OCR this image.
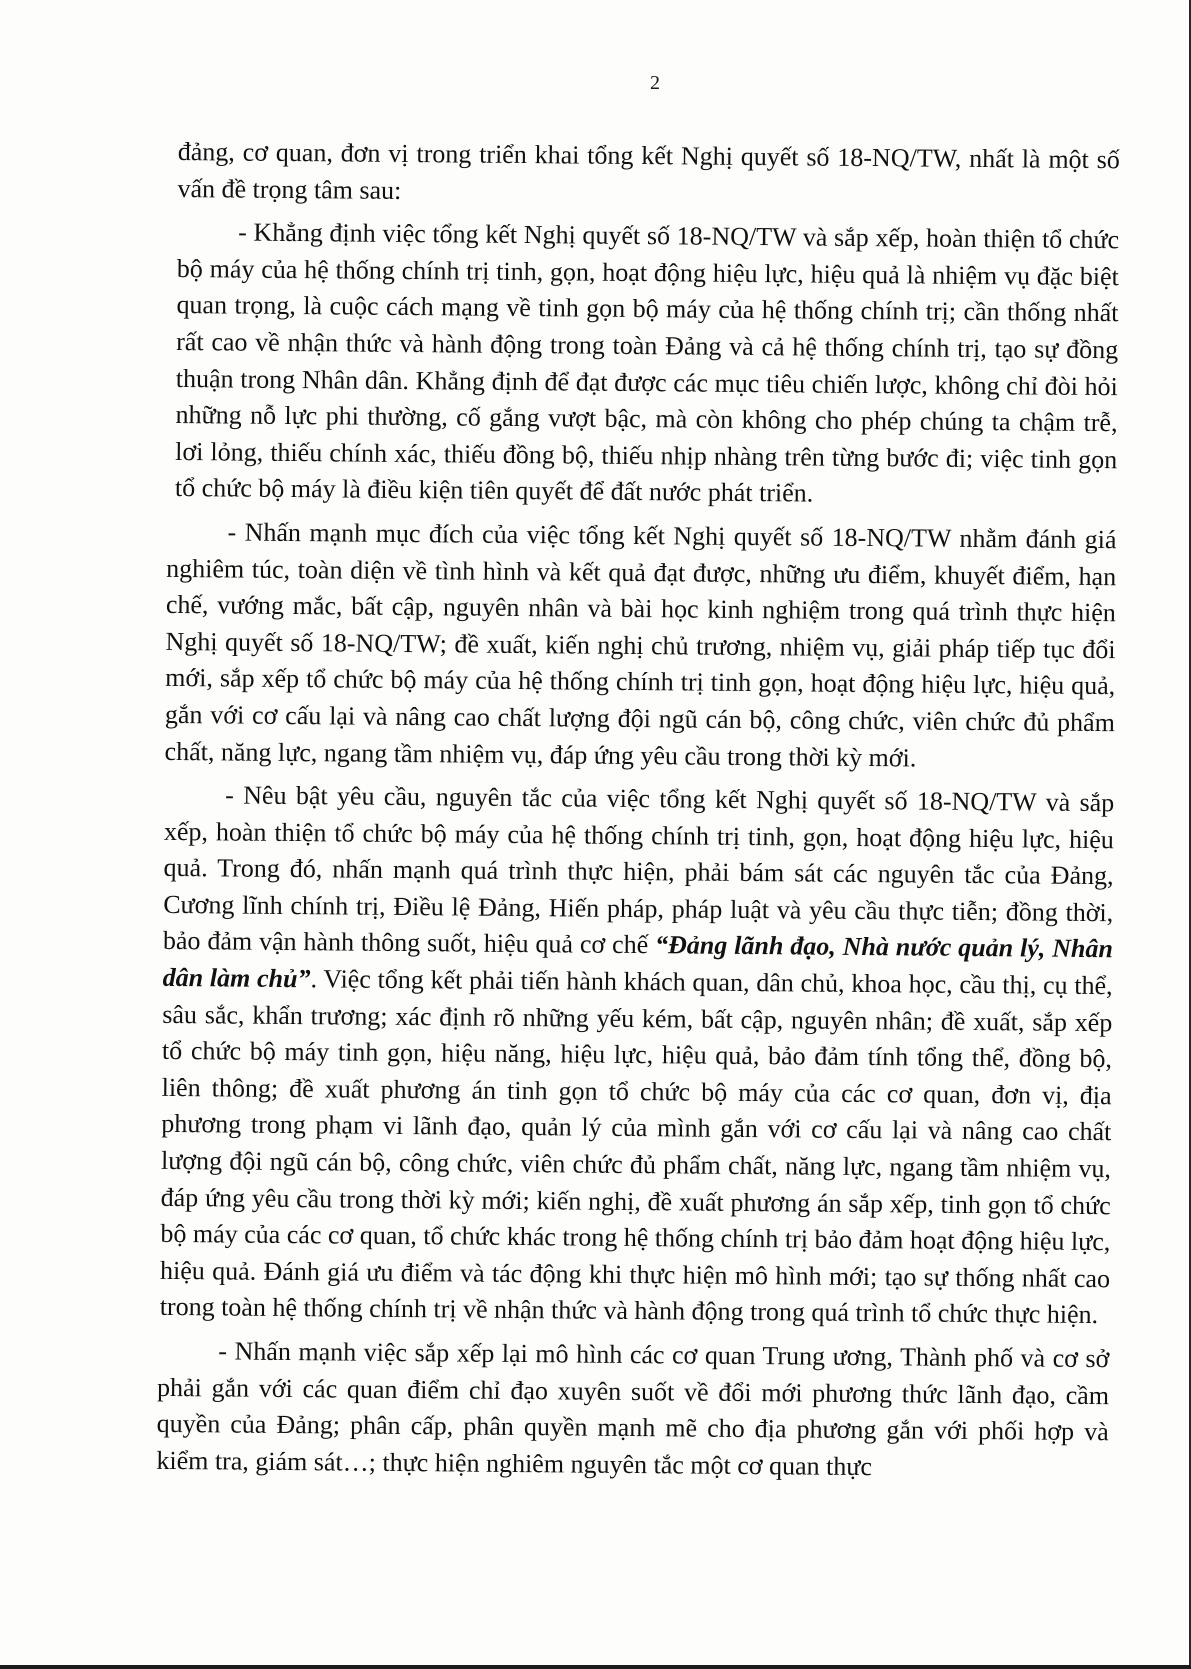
2

đảng, cơ quan, đơn vị trong triển khai tổng kết Nghị quyết số 18-NQ/TW, nhất là một số vấn đề trọng tâm sau:

- Khẳng định việc tổng kết Nghị quyết số 18-NQ/TW và sắp xếp, hoàn thiện tổ chức bộ máy của hệ thống chính trị tinh, gọn, hoạt động hiệu lực, hiệu quả là nhiệm vụ đặc biệt quan trọng, là cuộc cách mạng về tinh gọn bộ máy của hệ thống chính trị; cần thống nhất rất cao về nhận thức và hành động trong toàn Đảng và cả hệ thống chính trị, tạo sự đồng thuận trong Nhân dân. Khẳng định để đạt được các mục tiêu chiến lược, không chỉ đòi hỏi những nỗ lực phi thường, cố gắng vượt bậc, mà còn không cho phép chúng ta chậm trễ, lơi lỏng, thiếu chính xác, thiếu đồng bộ, thiếu nhịp nhàng trên từng bước đi; việc tinh gọn tổ chức bộ máy là điều kiện tiên quyết để đất nước phát triển.

- Nhấn mạnh mục đích của việc tổng kết Nghị quyết số 18-NQ/TW nhằm đánh giá nghiêm túc, toàn diện về tình hình và kết quả đạt được, những ưu điểm, khuyết điểm, hạn chế, vướng mắc, bất cập, nguyên nhân và bài học kinh nghiệm trong quá trình thực hiện Nghị quyết số 18-NQ/TW; đề xuất, kiến nghị chủ trương, nhiệm vụ, giải pháp tiếp tục đổi mới, sắp xếp tổ chức bộ máy của hệ thống chính trị tinh gọn, hoạt động hiệu lực, hiệu quả, gắn với cơ cấu lại và nâng cao chất lượng đội ngũ cán bộ, công chức, viên chức đủ phẩm chất, năng lực, ngang tầm nhiệm vụ, đáp ứng yêu cầu trong thời kỳ mới.

- Nêu bật yêu cầu, nguyên tắc của việc tổng kết Nghị quyết số 18-NQ/TW và sắp xếp, hoàn thiện tổ chức bộ máy của hệ thống chính trị tinh, gọn, hoạt động hiệu lực, hiệu quả. Trong đó, nhấn mạnh quá trình thực hiện, phải bám sát các nguyên tắc của Đảng, Cương lĩnh chính trị, Điều lệ Đảng, Hiến pháp, pháp luật và yêu cầu thực tiễn; đồng thời, bảo đảm vận hành thông suốt, hiệu quả cơ chế “Đảng lãnh đạo, Nhà nước quản lý, Nhân dân làm chủ”. Việc tổng kết phải tiến hành khách quan, dân chủ, khoa học, cầu thị, cụ thể, sâu sắc, khẩn trương; xác định rõ những yếu kém, bất cập, nguyên nhân; đề xuất, sắp xếp tổ chức bộ máy tinh gọn, hiệu năng, hiệu lực, hiệu quả, bảo đảm tính tổng thể, đồng bộ, liên thông; đề xuất phương án tinh gọn tổ chức bộ máy của các cơ quan, đơn vị, địa phương trong phạm vi lãnh đạo, quản lý của mình gắn với cơ cấu lại và nâng cao chất lượng đội ngũ cán bộ, công chức, viên chức đủ phẩm chất, năng lực, ngang tầm nhiệm vụ, đáp ứng yêu cầu trong thời kỳ mới; kiến nghị, đề xuất phương án sắp xếp, tinh gọn tổ chức bộ máy của các cơ quan, tổ chức khác trong hệ thống chính trị bảo đảm hoạt động hiệu lực, hiệu quả. Đánh giá ưu điểm và tác động khi thực hiện mô hình mới; tạo sự thống nhất cao trong toàn hệ thống chính trị về nhận thức và hành động trong quá trình tổ chức thực hiện.

- Nhấn mạnh việc sắp xếp lại mô hình các cơ quan Trung ương, Thành phố và cơ sở phải gắn với các quan điểm chỉ đạo xuyên suốt về đổi mới phương thức lãnh đạo, cầm quyền của Đảng; phân cấp, phân quyền mạnh mẽ cho địa phương gắn với phối hợp và kiểm tra, giám sát…; thực hiện nghiêm nguyên tắc một cơ quan thực
